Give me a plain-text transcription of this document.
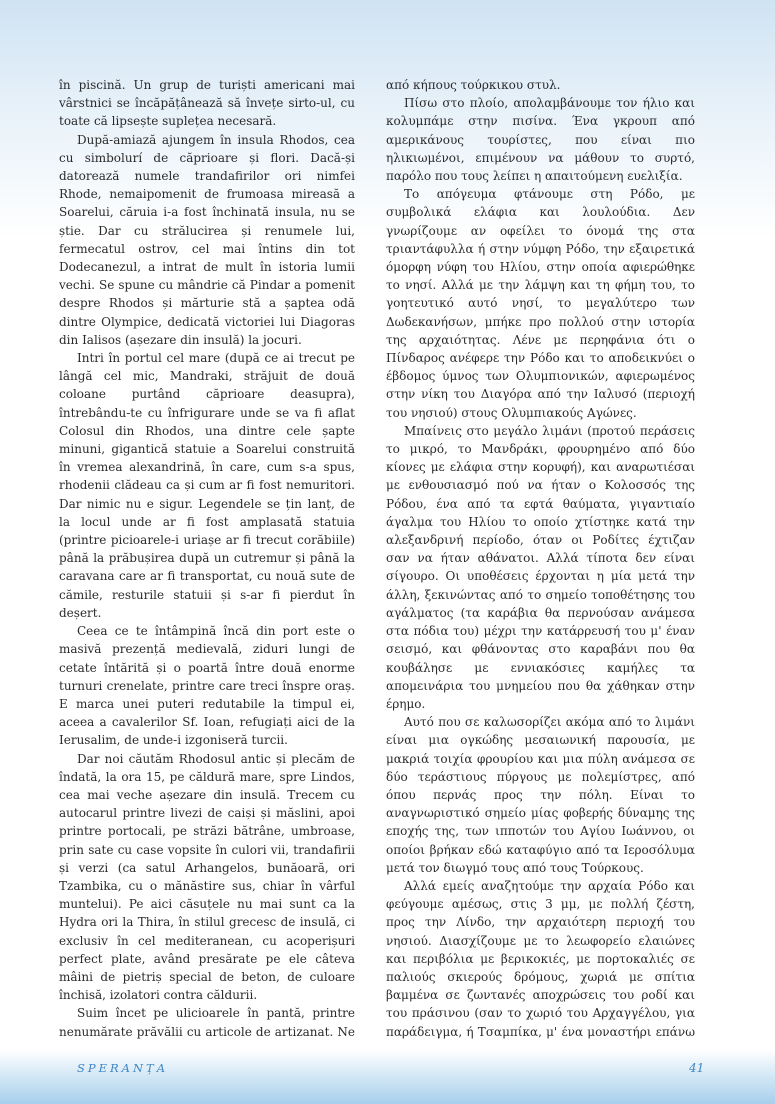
în piscină. Un grup de turiști americani mai vârstnici se încăpățânează să învețe sirto-ul, cu toate că lipsește suplețea necesară.

După-amiază ajungem în insula Rhodos, cea cu simbolurí de căprioare și flori. Dacă-și datorează numele trandafirilor ori nimfei Rhode, nemaipomenit de frumoasa mireasă a Soarelui, căruia i-a fost închinată insula, nu se știe. Dar cu strălucirea și renumele lui, fermecatul ostrov, cel mai întins din tot Dodecanezul, a intrat de mult în istoria lumii vechi. Se spune cu mândrie că Pindar a pomenit despre Rhodos și mărturie stă a șaptea odă dintre Olympice, dedicată victoriei lui Diagoras din Ialisos (așezare din insulă) la jocuri.

Intri în portul cel mare (după ce ai trecut pe lângă cel mic, Mandraki, străjuit de două coloane purtând căprioare deasupra), întrebându-te cu înfrigurare unde se va fi aflat Colosul din Rhodos, una dintre cele șapte minuni, gigantică statuie a Soarelui construită în vremea alexandrină, în care, cum s-a spus, rhodenii clădeau ca și cum ar fi fost nemuritori. Dar nimic nu e sigur. Legendele se țin lanț, de la locul unde ar fi fost amplasată statuia (printre picioarele-i uriașe ar fi trecut corăbiile) până la prăbușirea după un cutremur și până la caravana care ar fi transportat, cu nouă sute de cămile, resturile statuii și s-ar fi pierdut în deșert.

Ceea ce te întâmpină încă din port este o masivă prezență medievală, ziduri lungi de cetate întărită și o poartă între două enorme turnuri crenelate, printre care treci înspre oraș. E marca unei puteri redutabile la timpul ei, aceea a cavalerilor Sf. Ioan, refugiați aici de la Ierusalim, de unde-i izgoniseră turcii.

Dar noi căutăm Rhodosul antic și plecăm de îndată, la ora 15, pe căldură mare, spre Lindos, cea mai veche așezare din insulă. Trecem cu autocarul printre livezi de caiși și măslini, apoi printre portocali, pe străzi bătrâne, umbroase, prin sate cu case vopsite în culori vii, trandafirii și verzi (ca satul Arhangelos, bunăoară, ori Tzambika, cu o mănăstire sus, chiar în vârful muntelui). Pe aici căsuțele nu mai sunt ca la Hydra ori la Thira, în stilul grecesc de insulă, ci exclusiv în cel mediteranean, cu acoperișuri perfect plate, având presărate pe ele câteva mâini de pietriș special de beton, de culoare închisă, izolatori contra căldurii.

Suim încet pe ulicioarele în pantă, printre nenumărate prăvălii cu articole de artizanat. Ne

από κήπους τούρκικου στυλ.

Πίσω στο πλοίο, απολαμβάνουμε τον ήλιο και κολυμπάμε στην πισίνα. Ένα γκρουπ από αμερικάνους τουρίστες, που είναι πιο ηλικιωμένοι, επιμένουν να μάθουν το συρτό, παρόλο που τους λείπει η απαιτούμενη ευελιξία.

Το απόγευμα φτάνουμε στη Ρόδο, με συμβολικά ελάφια και λουλούδια. Δεν γνωρίζουμε αν οφείλει το όνομά της στα τριαντάφυλλα ή στην νύμφη Ρόδο, την εξαιρετικά όμορφη νύφη του Ηλίου, στην οποία αφιερώθηκε το νησί. Αλλά με την λάμψη και τη φήμη του, το γοητευτικό αυτό νησί, το μεγαλύτερο των Δωδεκανήσων, μπήκε προ πολλού στην ιστορία της αρχαιότητας. Λένε με περηφάνια ότι ο Πίνδαρος ανέφερε την Ρόδο και το αποδεικνύει ο έβδομος ύμνος των Ολυμπιονικών, αφιερωμένος στην νίκη του Διαγόρα από την Ιαλυσό (περιοχή του νησιού) στους Ολυμπιακούς Αγώνες.

Μπαίνεις στο μεγάλο λιμάνι (προτού περάσεις το μικρό, το Μανδράκι, φρουρημένο από δύο κίονες με ελάφια στην κορυφή), και αναρωτιέσαι με ενθουσιασμό πού να ήταν ο Κολοσσός της Ρόδου, ένα από τα εφτά θαύματα, γιγαντιαίο άγαλμα του Ηλίου το οποίο χτίστηκε κατά την αλεξανδρινή περίοδο, όταν οι Ροδίτες έχτιζαν σαν να ήταν αθάνατοι. Αλλά τίποτα δεν είναι σίγουρο. Οι υποθέσεις έρχονται η μία μετά την άλλη, ξεκινώντας από το σημείο τοποθέτησης του αγάλματος (τα καράβια θα περνούσαν ανάμεσα στα πόδια του) μέχρι την κατάρρευσή του μ' έναν σεισμό, και φθάνοντας στο καραβάνι που θα κουβάλησε με εννιακόσιες καμήλες τα απομεινάρια του μνημείου που θα χάθηκαν στην έρημο.

Αυτό που σε καλωσορίζει ακόμα από το λιμάνι είναι μια ογκώδης μεσαιωνική παρουσία, με μακριά τοιχία φρουρίου και μια πύλη ανάμεσα σε δύο τεράστιους πύργους με πολεμίστρες, από όπου περνάς προς την πόλη. Είναι το αναγνωριστικό σημείο μίας φοβερής δύναμης της εποχής της, των ιπποτών του Αγίου Ιωάννου, οι οποίοι βρήκαν εδώ καταφύγιο από τα Ιεροσόλυμα μετά τον διωγμό τους από τους Τούρκους.

Αλλά εμείς αναζητούμε την αρχαία Ρόδο και φεύγουμε αμέσως, στις 3 μμ, με πολλή ζέστη, προς την Λίνδο, την αρχαιότερη περιοχή του νησιού. Διασχίζουμε με το λεωφορείο ελαιώνες και περιβόλια με βερικοκιές, με πορτοκαλιές σε παλιούς σκιερούς δρόμους, χωριά με σπίτια βαμμένα σε ζωντανές αποχρώσεις του ροδί και του πράσινου (σαν το χωριό του Αρχαγγέλου, για παράδειγμα, ή Τσαμπίκα, μ' ένα μοναστήρι επάνω

SPERANȚA	41
